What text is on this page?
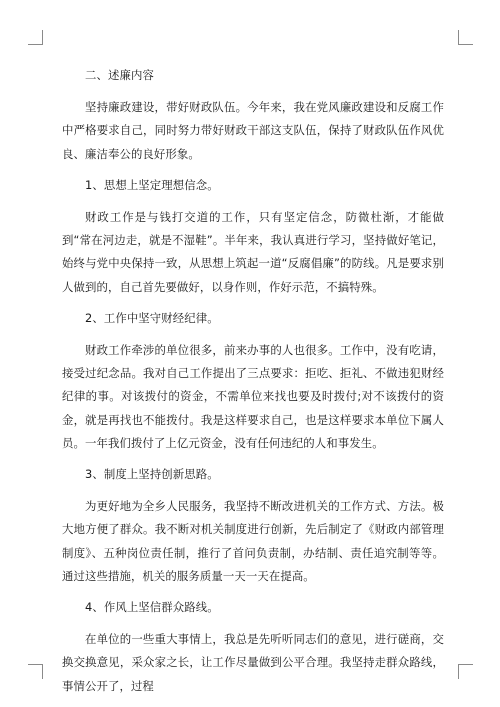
二、述廉内容

坚持廉政建设，带好财政队伍。今年来，我在党风廉政建设和反腐工作中严格要求自己，同时努力带好财政干部这支队伍，保持了财政队伍作风优良、廉洁奉公的良好形象。

1、思想上坚定理想信念。

财政工作是与钱打交道的工作，只有坚定信念，防微杜渐，才能做到“常在河边走，就是不湿鞋”。半年来，我认真进行学习，坚持做好笔记，始终与党中央保持一致，从思想上筑起一道“反腐倡廉”的防线。凡是要求别人做到的，自己首先要做好，以身作则，作好示范，不搞特殊。

2、工作中坚守财经纪律。

财政工作牵涉的单位很多，前来办事的人也很多。工作中，没有吃请，接受过纪念品。我对自己工作提出了三点要求：拒吃、拒礼、不做违犯财经纪律的事。对该拨付的资金，不需单位来找也要及时拨付;对不该拨付的资金，就是再找也不能拨付。我是这样要求自己，也是这样要求本单位下属人员。一年我们拨付了上亿元资金，没有任何违纪的人和事发生。

3、制度上坚持创新思路。

为更好地为全乡人民服务，我坚持不断改进机关的工作方式、方法。极大地方便了群众。我不断对机关制度进行创新，先后制定了《财政内部管理制度》、五种岗位责任制，推行了首问负责制，办结制、责任追究制等等。通过这些措施，机关的服务质量一天一天在提高。

4、作风上坚信群众路线。

在单位的一些重大事情上，我总是先听听同志们的意见，进行磋商，交换交换意见，采众家之长，让工作尽量做到公平合理。我坚持走群众路线，事情公开了，过程
